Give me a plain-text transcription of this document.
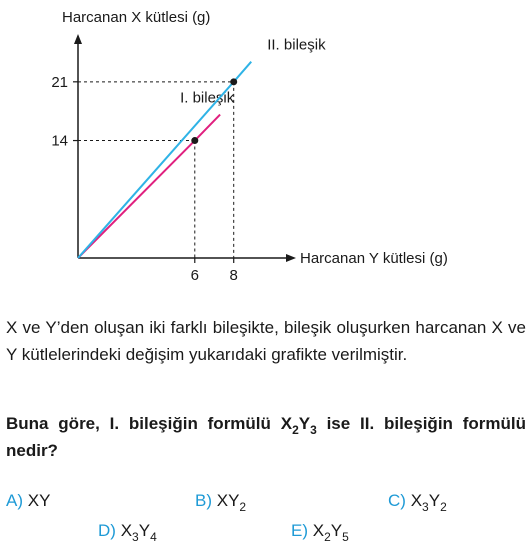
Harcanan X kütlesi (g)
Harcanan Y kütlesi (g)
I. bileşik
II. bileşik
6 8
14
21

X ve Y’den oluşan iki farklı bileşikte, bileşik oluşurken harcanan X ve Y kütlelerindeki değişim yukarıdaki grafikte verilmiştir.

Buna göre, I. bileşiğin formülü $X_2Y_3$ ise II. bileşiğin formülü nedir?

A) XY	B) $XY_2$	C) $X_3Y_2$
D) $X_3Y_4$	E) $X_2Y_5$
